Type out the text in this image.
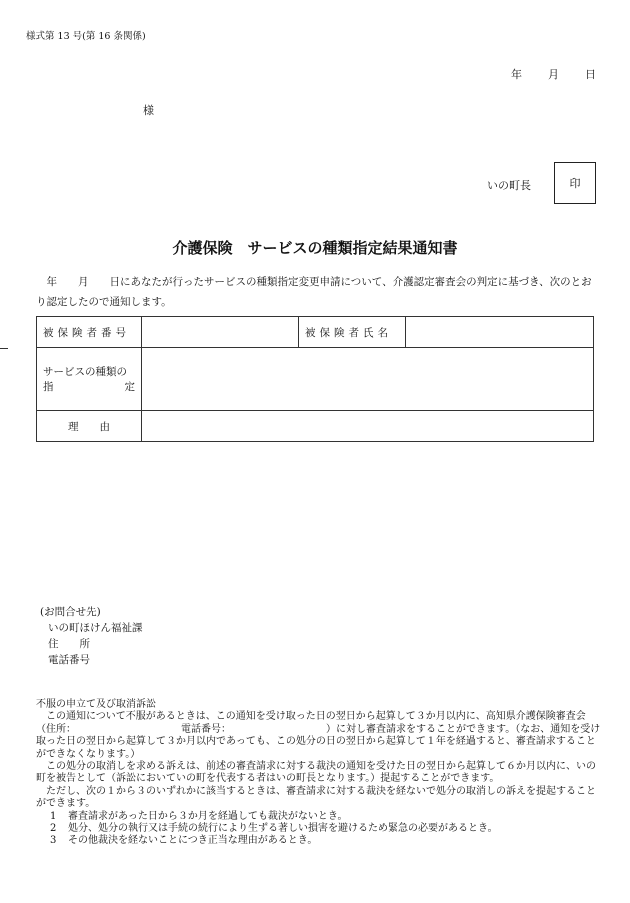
様式第 13 号(第 16 条関係)
年 月 日
様
いの町長	印
介護保険　サービスの種類指定結果通知書
　年　　月　　日にあなたが行ったサービスの種類指定変更申請について、介護認定審査会の判定に基づき、次のとおり認定したので通知します。
被保険者番号		被保険者氏名	

サービスの種類の
指 定			

理　　由			
(お問合せ先)
いの町ほけん福祉課
住　　所
電話番号

不服の申立て及び取消訴訟

この通知について不服があるときは、この通知を受け取った日の翌日から起算して３か月以内に、高知県介護保険審査会（住所：　　　　　　　　　　　電話番号：　　　　　　　　　　）に対し審査請求をすることができます。（なお、通知を受け取った日の翌日から起算して３か月以内であっても、この処分の日の翌日から起算して１年を経過すると、審査請求することができなくなります。）

この処分の取消しを求める訴えは、前述の審査請求に対する裁決の通知を受けた日の翌日から起算して６か月以内に、いの町を被告として（訴訟においていの町を代表する者はいの町長となります。）提起することができます。

ただし、次の１から３のいずれかに該当するときは、審査請求に対する裁決を経ないで処分の取消しの訴えを提起することができます。

1 審査請求があった日から３か月を経過しても裁決がないとき。

2 処分、処分の執行又は手続の続行により生ずる著しい損害を避けるため緊急の必要があるとき。

3 その他裁決を経ないことにつき正当な理由があるとき。
